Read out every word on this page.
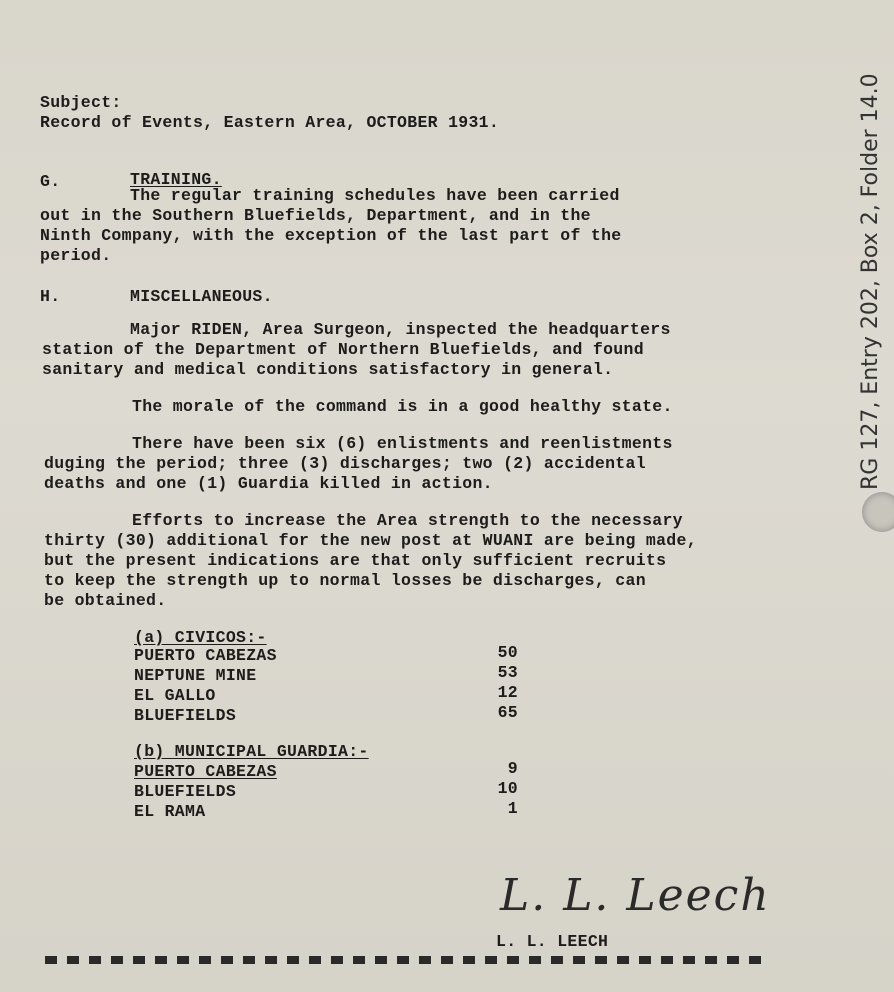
Subject:
Record of Events, Eastern Area, OCTOBER 1931.
G.	TRAINING.
The regular training schedules have been carried
out in the Southern Bluefields, Department, and in the
Ninth Company, with the exception of the last part of the
period.
H.	MISCELLANEOUS.
Major RIDEN, Area Surgeon, inspected the headquarters
station of the Department of Northern Bluefields, and found
sanitary and medical conditions satisfactory in general.
The morale of the command is in a good healthy state.
There have been six (6) enlistments and reenlistments
duging the period; three (3) discharges; two (2) accidental
deaths and one (1) Guardia killed in action.
Efforts to increase the Area strength to the necessary
thirty (30) additional for the new post at WUANI are being made,
but the present indications are that only sufficient recruits
to keep the strength up to normal losses be discharges, can
be obtained.
(a) CIVICOS:-
PUERTO CABEZAS	50
NEPTUNE MINE	53
EL GALLO	12
BLUEFIELDS	65
(b) MUNICIPAL GUARDIA:-
PUERTO CABEZAS	9
BLUEFIELDS	10
EL RAMA	1
L. L. Leech
L. L. LEECH
RG 127, Entry 202, Box 2, Folder 14.0
